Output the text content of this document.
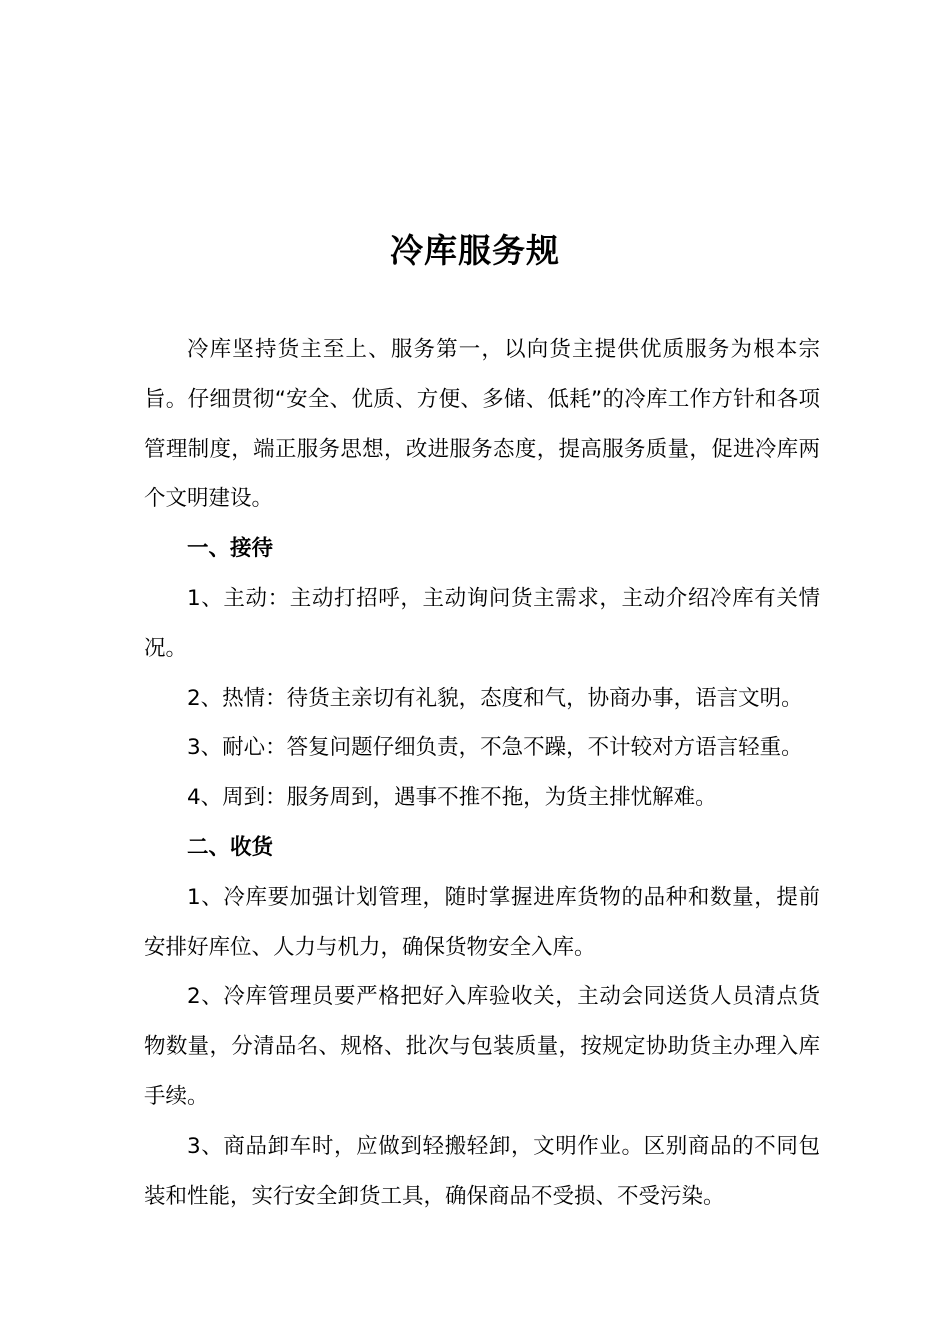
冷库服务规

冷库坚持货主至上、服务第一，以向货主提供优质服务为根本宗旨。仔细贯彻“安全、优质、方便、多储、低耗”的冷库工作方针和各项管理制度，端正服务思想，改进服务态度，提高服务质量，促进冷库两个文明建设。

一、接待

1、主动：主动打招呼，主动询问货主需求，主动介绍冷库有关情况。

2、热情：待货主亲切有礼貌，态度和气，协商办事，语言文明。

3、耐心：答复问题仔细负责，不急不躁，不计较对方语言轻重。

4、周到：服务周到，遇事不推不拖，为货主排忧解难。

二、收货

1、冷库要加强计划管理，随时掌握进库货物的品种和数量，提前安排好库位、人力与机力，确保货物安全入库。

2、冷库管理员要严格把好入库验收关，主动会同送货人员清点货物数量，分清品名、规格、批次与包装质量，按规定协助货主办理入库手续。

3、商品卸车时，应做到轻搬轻卸，文明作业。区别商品的不同包装和性能，实行安全卸货工具，确保商品不受损、不受污染。
